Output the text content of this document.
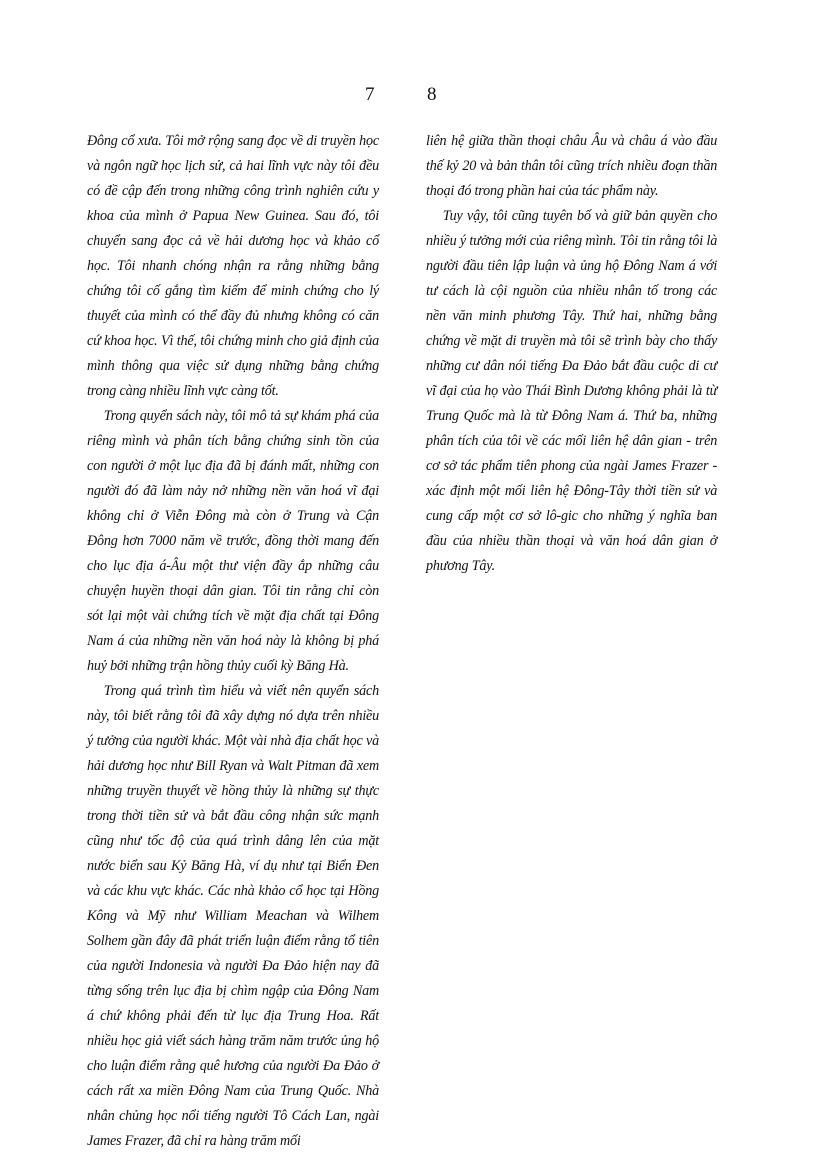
7	8

Đông cổ xưa. Tôi mở rộng sang đọc về di truyền học và ngôn ngữ học lịch sử, cả hai lĩnh vực này tôi đều có đề cập đến trong những công trình nghiên cứu y khoa của mình ở Papua New Guinea. Sau đó, tôi chuyển sang đọc cả về hải dương học và khảo cổ học. Tôi nhanh chóng nhận ra rằng những bằng chứng tôi cố gắng tìm kiếm để minh chứng cho lý thuyết của mình có thể đầy đủ nhưng không có căn cứ khoa học. Vì thế, tôi chứng minh cho giả định của mình thông qua việc sử dụng những bằng chứng trong càng nhiều lĩnh vực càng tốt.

Trong quyển sách này, tôi mô tả sự khám phá của riêng mình và phân tích bằng chứng sinh tồn của con người ở một lục địa đã bị đánh mất, những con người đó đã làm nảy nở những nền văn hoá vĩ đại không chỉ ở Viễn Đông mà còn ở Trung và Cận Đông hơn 7000 năm về trước, đồng thời mang đến cho lục địa á-Âu một thư viện đầy ắp những câu chuyện huyền thoại dân gian. Tôi tin rằng chỉ còn sót lại một vài chứng tích về mặt địa chất tại Đông Nam á của những nền văn hoá này là không bị phá huỷ bởi những trận hồng thủy cuối kỳ Băng Hà.

Trong quá trình tìm hiểu và viết nên quyển sách này, tôi biết rằng tôi đã xây dựng nó dựa trên nhiều ý tưởng của người khác. Một vài nhà địa chất học và hải dương học như Bill Ryan và Walt Pitman đã xem những truyền thuyết về hồng thủy là những sự thực trong thời tiền sử và bắt đầu công nhận sức mạnh cũng như tốc độ của quá trình dâng lên của mặt nước biển sau Kỷ Băng Hà, ví dụ như tại Biển Đen và các khu vực khác. Các nhà khảo cổ học tại Hồng Kông và Mỹ như William Meachan và Wilhem Solhem gần đây đã phát triển luận điểm rằng tổ tiên của người Indonesia và người Đa Đảo hiện nay đã từng sống trên lục địa bị chìm ngập của Đông Nam á chứ không phải đến từ lục địa Trung Hoa. Rất nhiều học giả viết sách hàng trăm năm trước ủng hộ cho luận điểm rằng quê hương của người Đa Đảo ở cách rất xa miền Đông Nam của Trung Quốc. Nhà nhân chủng học nổi tiếng người Tô Cách Lan, ngài James Frazer, đã chỉ ra hàng trăm mối

liên hệ giữa thần thoại châu Âu và châu á vào đầu thế kỷ 20 và bản thân tôi cũng trích nhiều đoạn thần thoại đó trong phần hai của tác phẩm này.

Tuy vậy, tôi cũng tuyên bố và giữ bản quyền cho nhiều ý tưởng mới của riêng mình. Tôi tin rằng tôi là người đầu tiên lập luận và ủng hộ Đông Nam á với tư cách là cội nguồn của nhiều nhân tố trong các nền văn minh phương Tây. Thứ hai, những bằng chứng về mặt di truyền mà tôi sẽ trình bày cho thấy những cư dân nói tiếng Đa Đảo bắt đầu cuộc di cư vĩ đại của họ vào Thái Bình Dương không phải là từ Trung Quốc mà là từ Đông Nam á. Thứ ba, những phân tích của tôi về các mối liên hệ dân gian - trên cơ sở tác phẩm tiên phong của ngài James Frazer - xác định một mối liên hệ Đông-Tây thời tiền sử và cung cấp một cơ sở lô-gic cho những ý nghĩa ban đầu của nhiều thần thoại và văn hoá dân gian ở phương Tây.
